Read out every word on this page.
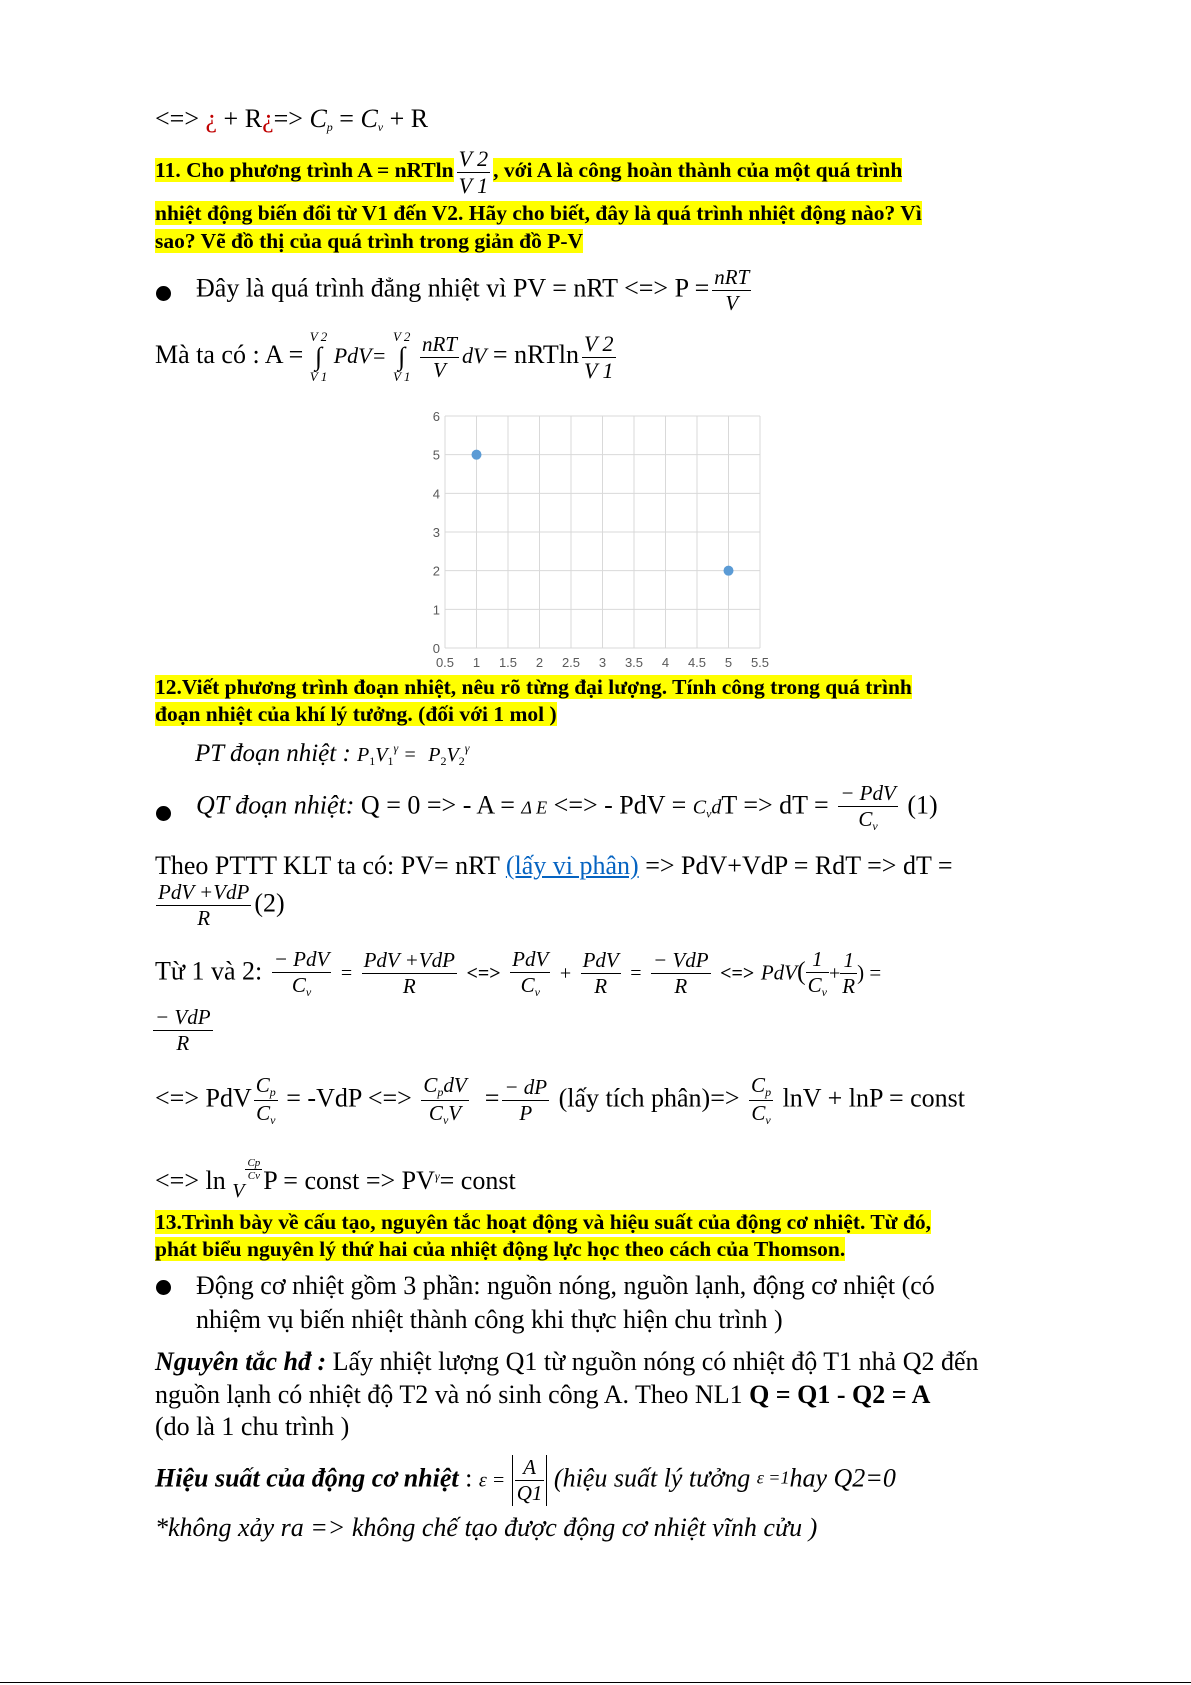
<=> ¿ + R¿=> $C_p = C_v + R$
11. Cho phương trình A = nRTln $\frac{V 2}{V 1}$ , với A là công hoàn thành của một quá trình
nhiệt động biến đổi từ V1 đến V2. Hãy cho biết, đây là quá trình nhiệt động nào? Vì
sao? Vẽ đồ thị của quá trình trong giản đồ P-V
Đây là quá trình đẳng nhiệt vì PV = nRT <=> $P = \frac{\text{nRT}}{V}$
Mà ta có : A = V 2
∫
V 1 PdV= V 2
∫
V $1 \frac{\text{nRT}}{V}$ dV = nRTln $\frac{V 2}{V 1}$
0.5 1 1.5 2 2.5 3 3.5 4 4.5 5 5.5
0
1
2
3
4
5
6
12.Viết phương trình đoạn nhiệt, nêu rõ từng đại lượng. Tính công trong quá trình
đoạn nhiệt của khí lý tưởng. (đối với 1 mol )
PT đoạn nhiệt : $P_1V_1^\gamma = P_2V_2^\gamma$
QT đoạn nhiệt: Q = 0 => - A = Δ E <=> - PdV = $C_vdT$ => dT = $\frac{\text{− PdV}}{C_v} (1)$
Theo PTTT KLT ta có: PV= nRT (lấy vi phân) => PdV+VdP = RdT => dT =
$\frac{\text{PdV +VdP}}{R} (2)$
Từ 1 và 2: $\frac{\text{− PdV}}{C_v} = \frac{\text{PdV +VdP}}{R}$ <=> $\frac{\text{PdV}}{C_v} + \frac{\text{PdV}}{R} = \frac{\text{− VdP}}{R}$ <=> $PdV( \frac{1}{C_v} + \frac{1}{R}$ ) =
$\frac{\text{− VdP}}{R}$
<=> PdV $\frac{C_p}{C_v} = -VdP$ <=> $\frac{C_pdV}{C_vV} = \frac{- dP}{P}$ (lấy tích phân)=> $\frac{C_p}{C_v}$ lnV + lnP = const
<=> ln $_V$
$\frac{Cp}{Cv}$ P = const => $PV^\gamma=$ const
13.Trình bày về cấu tạo, nguyên tắc hoạt động và hiệu suất của động cơ nhiệt. Từ đó,
phát biểu nguyên lý thứ hai của nhiệt động lực học theo cách của Thomson.
Động cơ nhiệt gồm 3 phần: nguồn nóng, nguồn lạnh, động cơ nhiệt (có
nhiệm vụ biến nhiệt thành công khi thực hiện chu trình )
Nguyên tắc hđ : Lấy nhiệt lượng Q1 từ nguồn nóng có nhiệt độ T1 nhả Q2 đến
nguồn lạnh có nhiệt độ T2 và nó sinh công A. Theo NL1 Q = Q1 - Q2 = A
(do là 1 chu trình )
Hiệu suất của động cơ nhiệt : $\varepsilon = \frac{A}{Q1}$ (hiệu suất lý tưởng ε =1hay Q2=0
*không xảy ra => không chế tạo được động cơ nhiệt vĩnh cửu )
